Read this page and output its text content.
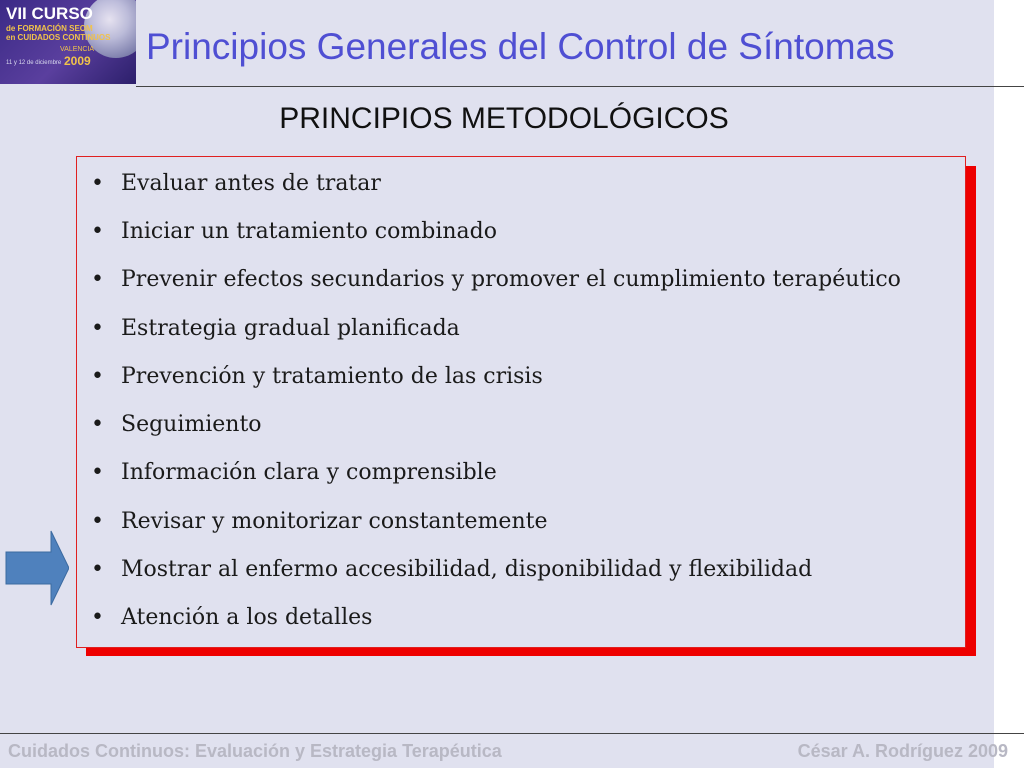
VII CURSO
de FORMACIÓN SEOM
en CUIDADOS CONTINUOS
VALENCIA
2009
11 y 12 de diciembre Principios Generales del Control de Síntomas
PRINCIPIOS METODOLÓGICOS
• Evaluar antes de tratar
• Iniciar un tratamiento combinado
• Prevenir efectos secundarios y promover el cumplimiento terapéutico
• Estrategia gradual planificada
• Prevención y tratamiento de las crisis
• Seguimiento
• Información clara y comprensible
• Revisar y monitorizar constantemente
• Mostrar al enfermo accesibilidad, disponibilidad y flexibilidad
• Atención a los detalles
Cuidados Continuos: Evaluación y Estrategia Terapéutica	César A. Rodríguez 2009
